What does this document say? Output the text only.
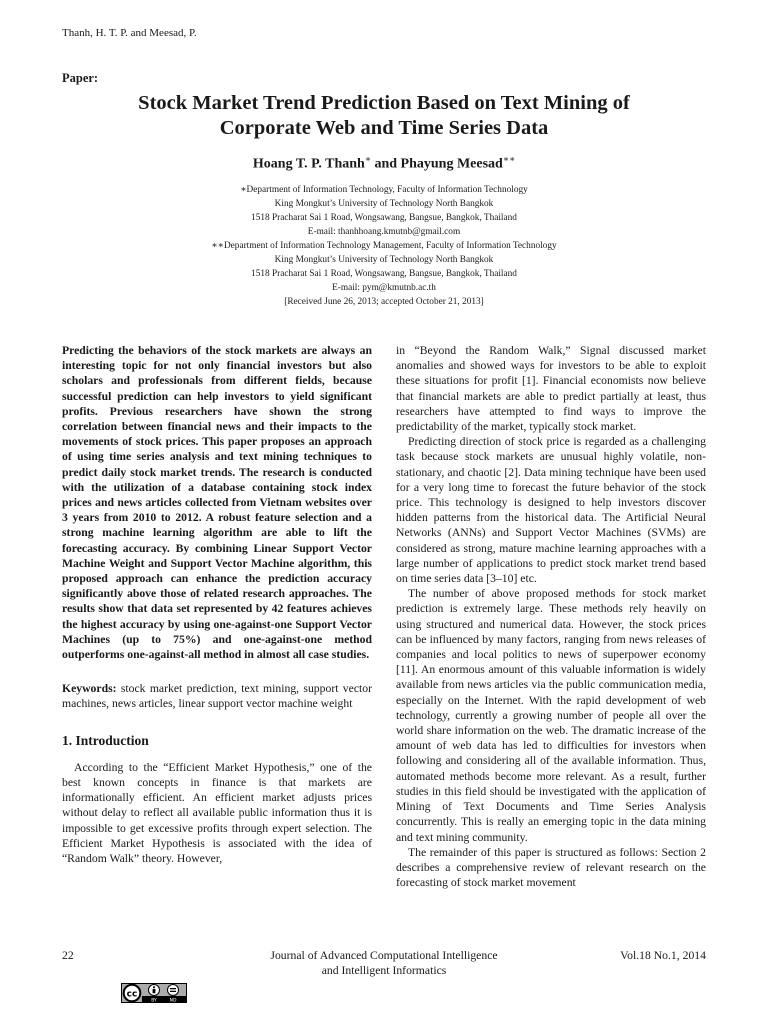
Thanh, H. T. P. and Meesad, P.
Paper:
Stock Market Trend Prediction Based on Text Mining of
Corporate Web and Time Series Data
Hoang T. P. Thanh∗ and Phayung Meesad∗∗
∗Department of Information Technology, Faculty of Information Technology
King Mongkut’s University of Technology North Bangkok
1518 Pracharat Sai 1 Road, Wongsawang, Bangsue, Bangkok, Thailand
E-mail: thanhhoang.kmutnb@gmail.com
∗∗Department of Information Technology Management, Faculty of Information Technology
King Mongkut’s University of Technology North Bangkok
1518 Pracharat Sai 1 Road, Wongsawang, Bangsue, Bangkok, Thailand
E-mail: pym@kmutnb.ac.th
[Received June 26, 2013; accepted October 21, 2013]

Predicting the behaviors of the stock markets are always an interesting topic for not only financial investors but also scholars and professionals from different fields, because successful prediction can help investors to yield significant profits. Previous researchers have shown the strong correlation between financial news and their impacts to the movements of stock prices. This paper proposes an approach of using time series analysis and text mining techniques to predict daily stock market trends. The research is conducted with the utilization of a database containing stock index prices and news articles collected from Vietnam websites over 3 years from 2010 to 2012. A robust feature selection and a strong machine learning algorithm are able to lift the forecasting accuracy. By combining Linear Support Vector Machine Weight and Support Vector Machine algorithm, this proposed approach can enhance the prediction accuracy significantly above those of related research approaches. The results show that data set represented by 42 features achieves the highest accuracy by using one-against-one Support Vector Machines (up to 75%) and one-against-one method outperforms one-against-all method in almost all case studies.

Keywords: stock market prediction, text mining, support vector machines, news articles, linear support vector machine weight

1. Introduction

According to the “Efficient Market Hypothesis,” one of the best known concepts in finance is that markets are informationally efficient. An efficient market adjusts prices without delay to reflect all available public information thus it is impossible to get excessive profits through expert selection. The Efficient Market Hypothesis is associated with the idea of “Random Walk” theory. However,

in “Beyond the Random Walk,” Signal discussed market anomalies and showed ways for investors to be able to exploit these situations for profit [1]. Financial economists now believe that financial markets are able to predict partially at least, thus researchers have attempted to find ways to improve the predictability of the market, typically stock market.

Predicting direction of stock price is regarded as a challenging task because stock markets are unusual highly volatile, non-stationary, and chaotic [2]. Data mining technique have been used for a very long time to forecast the future behavior of the stock price. This technology is designed to help investors discover hidden patterns from the historical data. The Artificial Neural Networks (ANNs) and Support Vector Machines (SVMs) are considered as strong, mature machine learning approaches with a large number of applications to predict stock market trend based on time series data [3–10] etc.

The number of above proposed methods for stock market prediction is extremely large. These methods rely heavily on using structured and numerical data. However, the stock prices can be influenced by many factors, ranging from news releases of companies and local politics to news of superpower economy [11]. An enormous amount of this valuable information is widely available from news articles via the public communication media, especially on the Internet. With the rapid development of web technology, currently a growing number of people all over the world share information on the web. The dramatic increase of the amount of web data has led to difficulties for investors when following and considering all of the available information. Thus, automated methods become more relevant. As a result, further studies in this field should be investigated with the application of Mining of Text Documents and Time Series Analysis concurrently. This is really an emerging topic in the data mining and text mining community.

The remainder of this paper is structured as follows: Section 2 describes a comprehensive review of relevant research on the forecasting of stock market movement

22	Journal of Advanced Computational Intelligence
and Intelligent Informatics
Vol.18 No.1, 2014
cc
BY	ND
